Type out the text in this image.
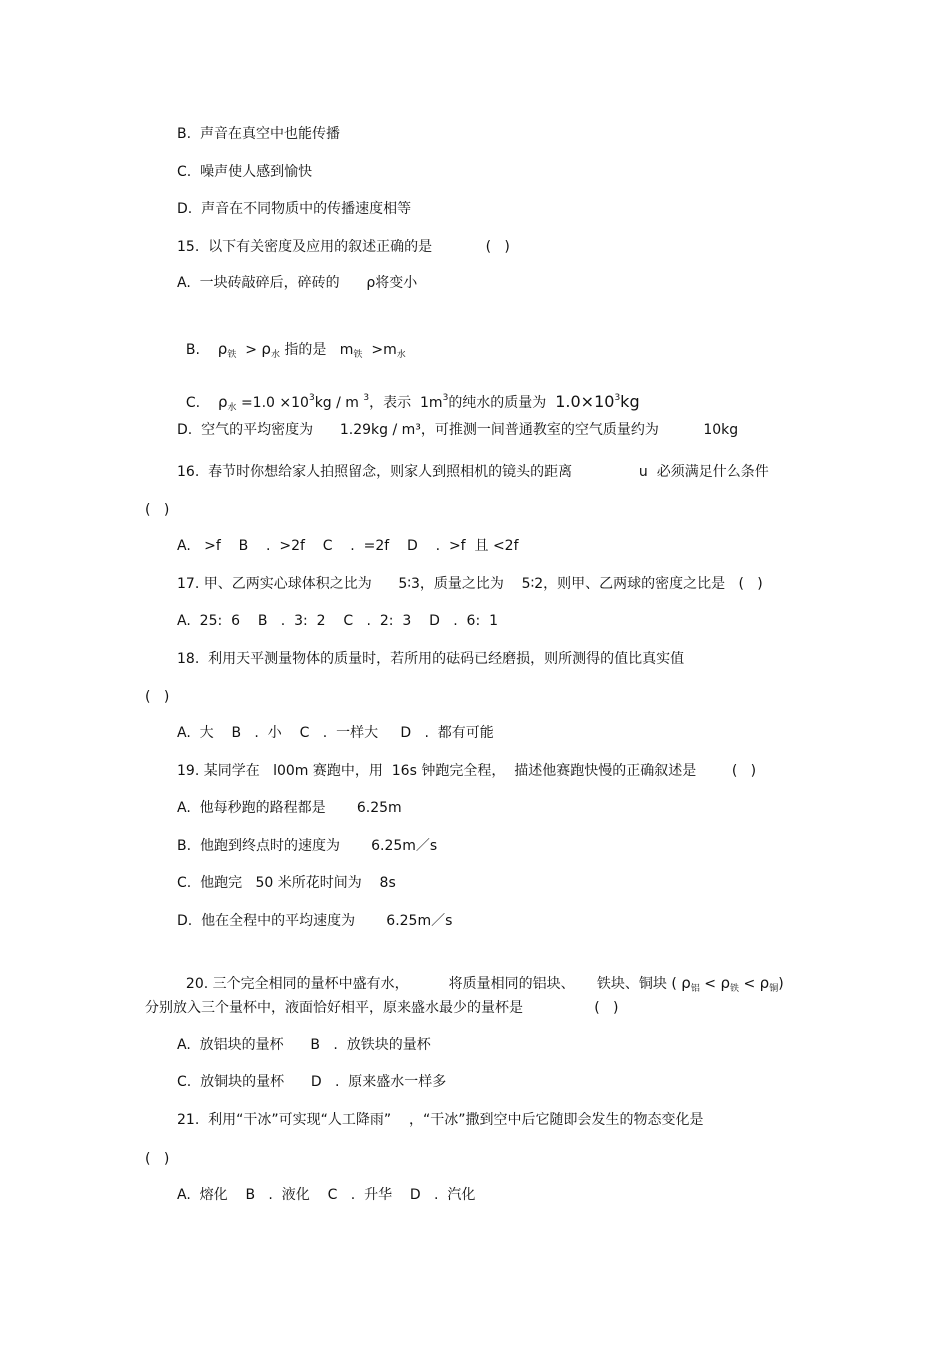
B.  声音在真空中也能传播
C.  噪声使人感到愉快
D.  声音在不同物质中的传播速度相等
15.  以下有关密度及应用的叙述正确的是            (   )
A.  一块砖敲碎后，碎砖的      ρ将变小

B. $\rho_铁 > \rho_水$ 指的是   $m_铁 >m_水$

C. $\rho_水 =1.0 \times 10^3kg / m$ $^3$，表示  $1m^3$的纯水的质量为  $1.0\times 10^3kg$

D.  空气的平均密度为      1.29kg / m³，可推测一间普通教室的空气质量约为          10kg
16.  春节时你想给家人拍照留念，则家人到照相机的镜头的距离               u  必须满足什么条件
(   )
A.   >f    B    .  >2f    C    .  =2f    D    .  >f  且 <2f
17. 甲、乙两实心球体积之比为      5∶3，质量之比为    5∶2，则甲、乙两球的密度之比是   (   )
A.  25:  6    B   .  3:  2    C   .  2:  3    D   .  6:  1
18.  利用天平测量物体的质量时，若所用的砝码已经磨损，则所测得的值比真实值
(   )
A.  大    B   .  小    C   .  一样大     D   .  都有可能
19. 某同学在   l00m 赛跑中，用  16s 钟跑完全程，  描述他赛跑快慢的正确叙述是        (   )
A.  他每秒跑的路程都是       6.25m
B.  他跑到终点时的速度为       6.25m／s
C.  他跑完   50 米所花时间为    8s
D.  他在全程中的平均速度为       6.25m／s

20. 三个完全相同的量杯中盛有水，         将质量相同的铝块、     铁块、铜块 ( $\rho_铝 < \rho_铁 < \rho_铜$)

分别放入三个量杯中，液面恰好相平，原来盛水最少的量杯是                (   )
A.  放铝块的量杯      B   .  放铁块的量杯
C.  放铜块的量杯      D   .  原来盛水一样多
21.  利用“干冰”可实现“人工降雨”    ，“干冰”撒到空中后它随即会发生的物态变化是
(   )
A.  熔化    B   .  液化    C   .  升华    D   .  汽化
